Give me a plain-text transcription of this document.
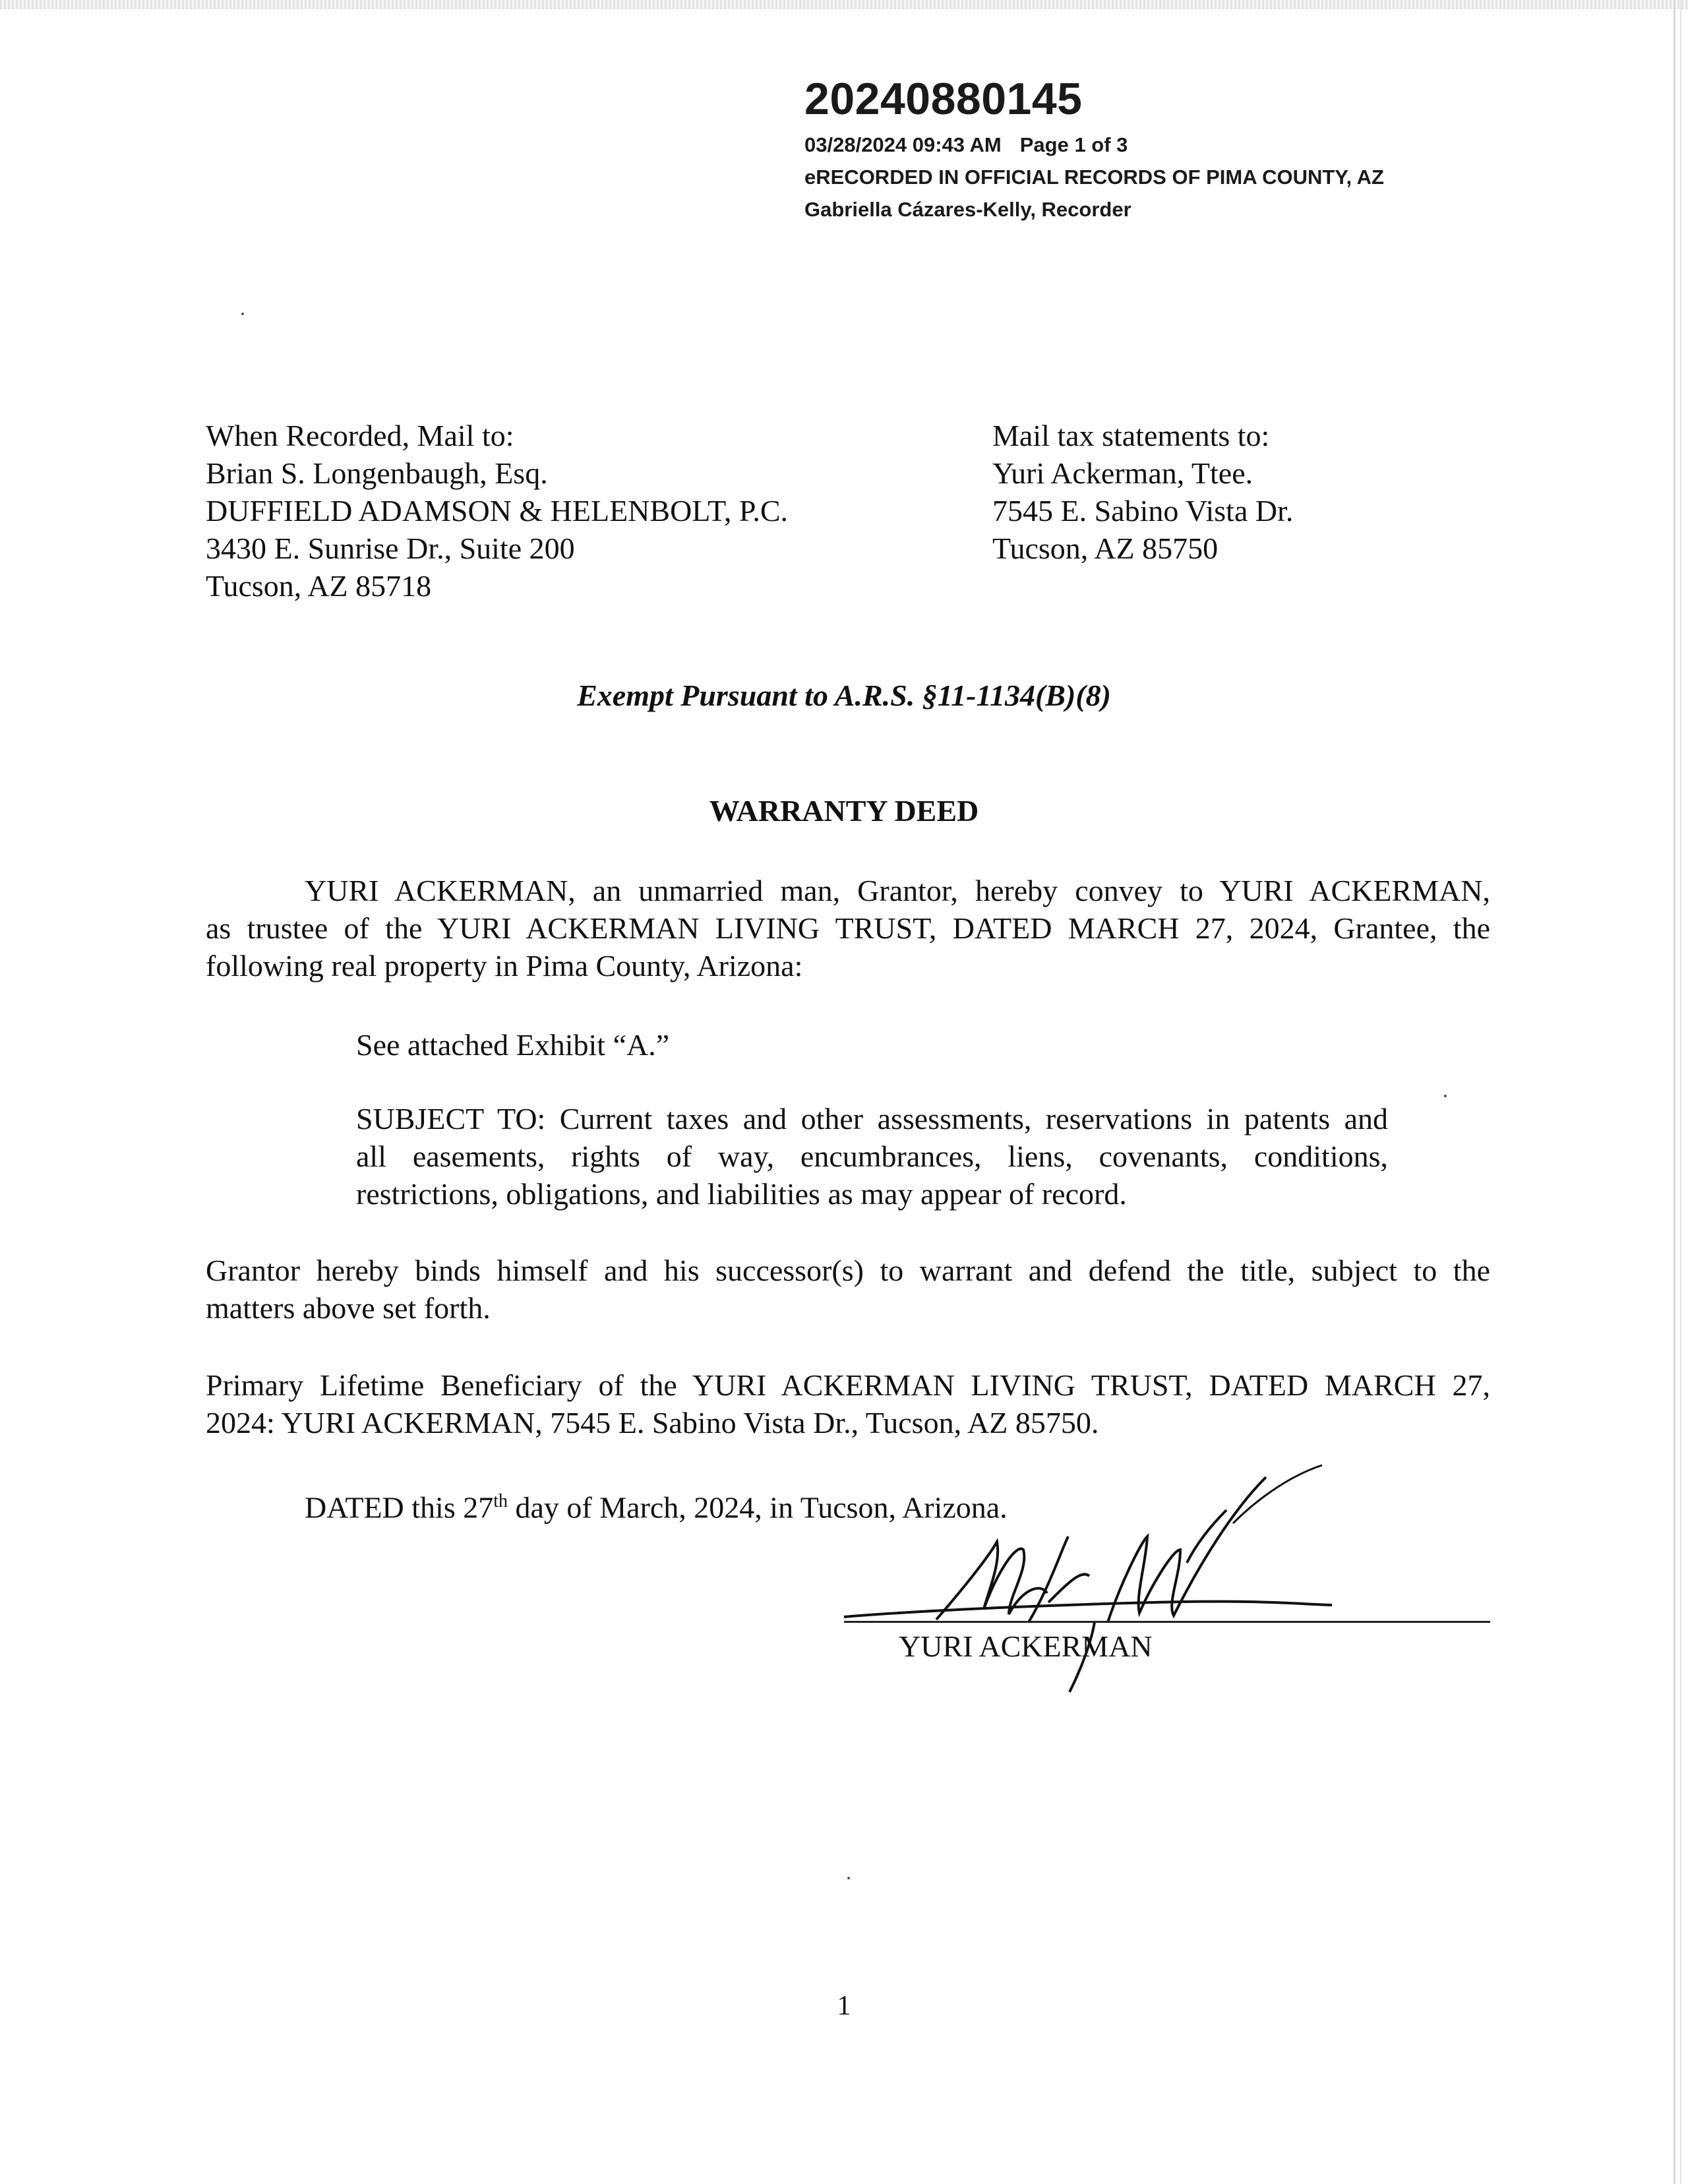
20240880145
03/28/2024 09:43 AM Page 1 of 3
eRECORDED IN OFFICIAL RECORDS OF PIMA COUNTY, AZ
Gabriella Cázares-Kelly, Recorder
When Recorded, Mail to:
Brian S. Longenbaugh, Esq.
DUFFIELD ADAMSON & HELENBOLT, P.C.
3430 E. Sunrise Dr., Suite 200
Tucson, AZ 85718
Mail tax statements to:
Yuri Ackerman, Ttee.
7545 E. Sabino Vista Dr.
Tucson, AZ 85750
Exempt Pursuant to A.R.S. §11-1134(B)(8)
WARRANTY DEED
YURI ACKERMAN, an unmarried man, Grantor, hereby convey to YURI ACKERMAN,
as trustee of the YURI ACKERMAN LIVING TRUST, DATED MARCH 27, 2024, Grantee, the
following real property in Pima County, Arizona:
See attached Exhibit “A.”
SUBJECT TO: Current taxes and other assessments, reservations in patents and
all easements, rights of way, encumbrances, liens, covenants, conditions,
restrictions, obligations, and liabilities as may appear of record.
Grantor hereby binds himself and his successor(s) to warrant and defend the title, subject to the
matters above set forth.
Primary Lifetime Beneficiary of the YURI ACKERMAN LIVING TRUST, DATED MARCH 27,
2024: YURI ACKERMAN, 7545 E. Sabino Vista Dr., Tucson, AZ 85750.
DATED this 27th day of March, 2024, in Tucson, Arizona.
YURI ACKERMAN
1
